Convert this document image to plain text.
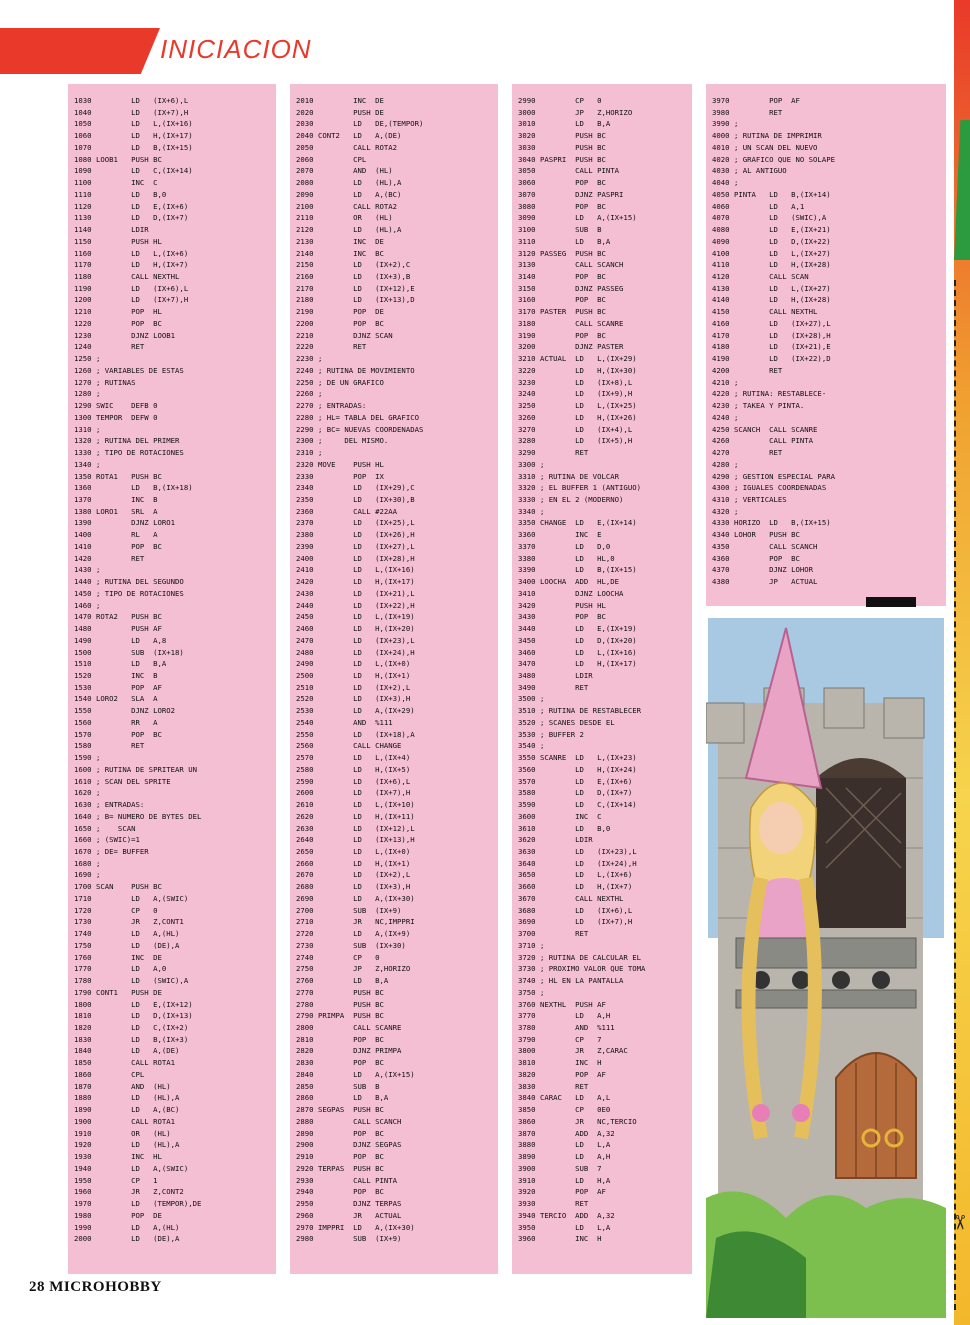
INICIACION
✂
1030         LD   (IX+6),L
1040         LD   (IX+7),H
1050         LD   L,(IX+16)
1060         LD   H,(IX+17)
1070         LD   B,(IX+15)
1080 LOOB1   PUSH BC
1090         LD   C,(IX+14)
1100         INC  C
1110         LD   B,0
1120         LD   E,(IX+6)
1130         LD   D,(IX+7)
1140         LDIR
1150         PUSH HL
1160         LD   L,(IX+6)
1170         LD   H,(IX+7)
1180         CALL NEXTHL
1190         LD   (IX+6),L
1200         LD   (IX+7),H
1210         POP  HL
1220         POP  BC
1230         DJNZ LOOB1
1240         RET
1250 ;
1260 ; VARIABLES DE ESTAS
1270 ; RUTINAS
1280 ;
1290 SWIC    DEFB 0
1300 TEMPOR  DEFW 0
1310 ;
1320 ; RUTINA DEL PRIMER
1330 ; TIPO DE ROTACIONES
1340 ;
1350 ROTA1   PUSH BC
1360         LD   B,(IX+18)
1370         INC  B
1380 LORO1   SRL  A
1390         DJNZ LORO1
1400         RL   A
1410         POP  BC
1420         RET
1430 ;
1440 ; RUTINA DEL SEGUNDO
1450 ; TIPO DE ROTACIONES
1460 ;
1470 ROTA2   PUSH BC
1480         PUSH AF
1490         LD   A,8
1500         SUB  (IX+18)
1510         LD   B,A
1520         INC  B
1530         POP  AF
1540 LORO2   SLA  A
1550         DJNZ LORO2
1560         RR   A
1570         POP  BC
1580         RET
1590 ;
1600 ; RUTINA DE SPRITEAR UN
1610 ; SCAN DEL SPRITE
1620 ;
1630 ; ENTRADAS:
1640 ; B= NUMERO DE BYTES DEL
1650 ;    SCAN
1660 ; (SWIC)=1
1670 ; DE= BUFFER
1680 ;
1690 ;
1700 SCAN    PUSH BC
1710         LD   A,(SWIC)
1720         CP   0
1730         JR   Z,CONT1
1740         LD   A,(HL)
1750         LD   (DE),A
1760         INC  DE
1770         LD   A,0
1780         LD   (SWIC),A
1790 CONT1   PUSH DE
1800         LD   E,(IX+12)
1810         LD   D,(IX+13)
1820         LD   C,(IX+2)
1830         LD   B,(IX+3)
1840         LD   A,(DE)
1850         CALL ROTA1
1860         CPL
1870         AND  (HL)
1880         LD   (HL),A
1890         LD   A,(BC)
1900         CALL ROTA1
1910         OR   (HL)
1920         LD   (HL),A
1930         INC  HL
1940         LD   A,(SWIC)
1950         CP   1
1960         JR   Z,CONT2
1970         LD   (TEMPOR),DE
1980         POP  DE
1990         LD   A,(HL)
2000         LD   (DE),A
2010         INC  DE
2020         PUSH DE
2030         LD   DE,(TEMPOR)
2040 CONT2   LD   A,(DE)
2050         CALL ROTA2
2060         CPL
2070         AND  (HL)
2080         LD   (HL),A
2090         LD   A,(BC)
2100         CALL ROTA2
2110         OR   (HL)
2120         LD   (HL),A
2130         INC  DE
2140         INC  BC
2150         LD   (IX+2),C
2160         LD   (IX+3),B
2170         LD   (IX+12),E
2180         LD   (IX+13),D
2190         POP  DE
2200         POP  BC
2210         DJNZ SCAN
2220         RET
2230 ;
2240 ; RUTINA DE MOVIMIENTO
2250 ; DE UN GRAFICO
2260 ;
2270 ; ENTRADAS:
2280 ; HL= TABLA DEL GRAFICO
2290 ; BC= NUEVAS COORDENADAS
2300 ;     DEL MISMO.
2310 ;
2320 MOVE    PUSH HL
2330         POP  IX
2340         LD   (IX+29),C
2350         LD   (IX+30),B
2360         CALL #22AA
2370         LD   (IX+25),L
2380         LD   (IX+26),H
2390         LD   (IX+27),L
2400         LD   (IX+28),H
2410         LD   L,(IX+16)
2420         LD   H,(IX+17)
2430         LD   (IX+21),L
2440         LD   (IX+22),H
2450         LD   L,(IX+19)
2460         LD   H,(IX+20)
2470         LD   (IX+23),L
2480         LD   (IX+24),H
2490         LD   L,(IX+0)
2500         LD   H,(IX+1)
2510         LD   (IX+2),L
2520         LD   (IX+3),H
2530         LD   A,(IX+29)
2540         AND  %111
2550         LD   (IX+18),A
2560         CALL CHANGE
2570         LD   L,(IX+4)
2580         LD   H,(IX+5)
2590         LD   (IX+6),L
2600         LD   (IX+7),H
2610         LD   L,(IX+10)
2620         LD   H,(IX+11)
2630         LD   (IX+12),L
2640         LD   (IX+13),H
2650         LD   L,(IX+0)
2660         LD   H,(IX+1)
2670         LD   (IX+2),L
2680         LD   (IX+3),H
2690         LD   A,(IX+30)
2700         SUB  (IX+9)
2710         JR   NC,IMPPRI
2720         LD   A,(IX+9)
2730         SUB  (IX+30)
2740         CP   0
2750         JP   Z,HORIZO
2760         LD   B,A
2770         PUSH BC
2780         PUSH BC
2790 PRIMPA  PUSH BC
2800         CALL SCANRE
2810         POP  BC
2820         DJNZ PRIMPA
2830         POP  BC
2840         LD   A,(IX+15)
2850         SUB  B
2860         LD   B,A
2870 SEGPAS  PUSH BC
2880         CALL SCANCH
2890         POP  BC
2900         DJNZ SEGPAS
2910         POP  BC
2920 TERPAS  PUSH BC
2930         CALL PINTA
2940         POP  BC
2950         DJNZ TERPAS
2960         JR   ACTUAL
2970 IMPPRI  LD   A,(IX+30)
2980         SUB  (IX+9)
2990         CP   0
3000         JP   Z,HORIZO
3010         LD   B,A
3020         PUSH BC
3030         PUSH BC
3040 PASPRI  PUSH BC
3050         CALL PINTA
3060         POP  BC
3070         DJNZ PASPRI
3080         POP  BC
3090         LD   A,(IX+15)
3100         SUB  B
3110         LD   B,A
3120 PASSEG  PUSH BC
3130         CALL SCANCH
3140         POP  BC
3150         DJNZ PASSEG
3160         POP  BC
3170 PASTER  PUSH BC
3180         CALL SCANRE
3190         POP  BC
3200         DJNZ PASTER
3210 ACTUAL  LD   L,(IX+29)
3220         LD   H,(IX+30)
3230         LD   (IX+8),L
3240         LD   (IX+9),H
3250         LD   L,(IX+25)
3260         LD   H,(IX+26)
3270         LD   (IX+4),L
3280         LD   (IX+5),H
3290         RET
3300 ;
3310 ; RUTINA DE VOLCAR
3320 ; EL BUFFER 1 (ANTIGUO)
3330 ; EN EL 2 (MODERNO)
3340 ;
3350 CHANGE  LD   E,(IX+14)
3360         INC  E
3370         LD   D,0
3380         LD   HL,0
3390         LD   B,(IX+15)
3400 LOOCHA  ADD  HL,DE
3410         DJNZ LOOCHA
3420         PUSH HL
3430         POP  BC
3440         LD   E,(IX+19)
3450         LD   D,(IX+20)
3460         LD   L,(IX+16)
3470         LD   H,(IX+17)
3480         LDIR
3490         RET
3500 ;
3510 ; RUTINA DE RESTABLECER
3520 ; SCANES DESDE EL
3530 ; BUFFER 2
3540 ;
3550 SCANRE  LD   L,(IX+23)
3560         LD   H,(IX+24)
3570         LD   E,(IX+6)
3580         LD   D,(IX+7)
3590         LD   C,(IX+14)
3600         INC  C
3610         LD   B,0
3620         LDIR
3630         LD   (IX+23),L
3640         LD   (IX+24),H
3650         LD   L,(IX+6)
3660         LD   H,(IX+7)
3670         CALL NEXTHL
3680         LD   (IX+6),L
3690         LD   (IX+7),H
3700         RET
3710 ;
3720 ; RUTINA DE CALCULAR EL
3730 ; PROXIMO VALOR QUE TOMA
3740 ; HL EN LA PANTALLA
3750 ;
3760 NEXTHL  PUSH AF
3770         LD   A,H
3780         AND  %111
3790         CP   7
3800         JR   Z,CARAC
3810         INC  H
3820         POP  AF
3830         RET
3840 CARAC   LD   A,L
3850         CP   0E0
3860         JR   NC,TERCIO
3870         ADD  A,32
3880         LD   L,A
3890         LD   A,H
3900         SUB  7
3910         LD   H,A
3920         POP  AF
3930         RET
3940 TERCIO  ADD  A,32
3950         LD   L,A
3960         INC  H
3970         POP  AF
3980         RET
3990 ;
4000 ; RUTINA DE IMPRIMIR
4010 ; UN SCAN DEL NUEVO
4020 ; GRAFICO QUE NO SOLAPE
4030 ; AL ANTIGUO
4040 ;
4050 PINTA   LD   B,(IX+14)
4060         LD   A,1
4070         LD   (SWIC),A
4080         LD   E,(IX+21)
4090         LD   D,(IX+22)
4100         LD   L,(IX+27)
4110         LD   H,(IX+28)
4120         CALL SCAN
4130         LD   L,(IX+27)
4140         LD   H,(IX+28)
4150         CALL NEXTHL
4160         LD   (IX+27),L
4170         LD   (IX+28),H
4180         LD   (IX+21),E
4190         LD   (IX+22),D
4200         RET
4210 ;
4220 ; RUTINA: RESTABLECE-
4230 ; TAKEA Y PINTA.
4240 ;
4250 SCANCH  CALL SCANRE
4260         CALL PINTA
4270         RET
4280 ;
4290 ; GESTION ESPECIAL PARA
4300 ; IGUALES COORDENADAS
4310 ; VERTICALES
4320 ;
4330 HORIZO  LD   B,(IX+15)
4340 LOHOR   PUSH BC
4350         CALL SCANCH
4360         POP  BC
4370         DJNZ LOHOR
4380         JP   ACTUAL
28 MICROHOBBY
